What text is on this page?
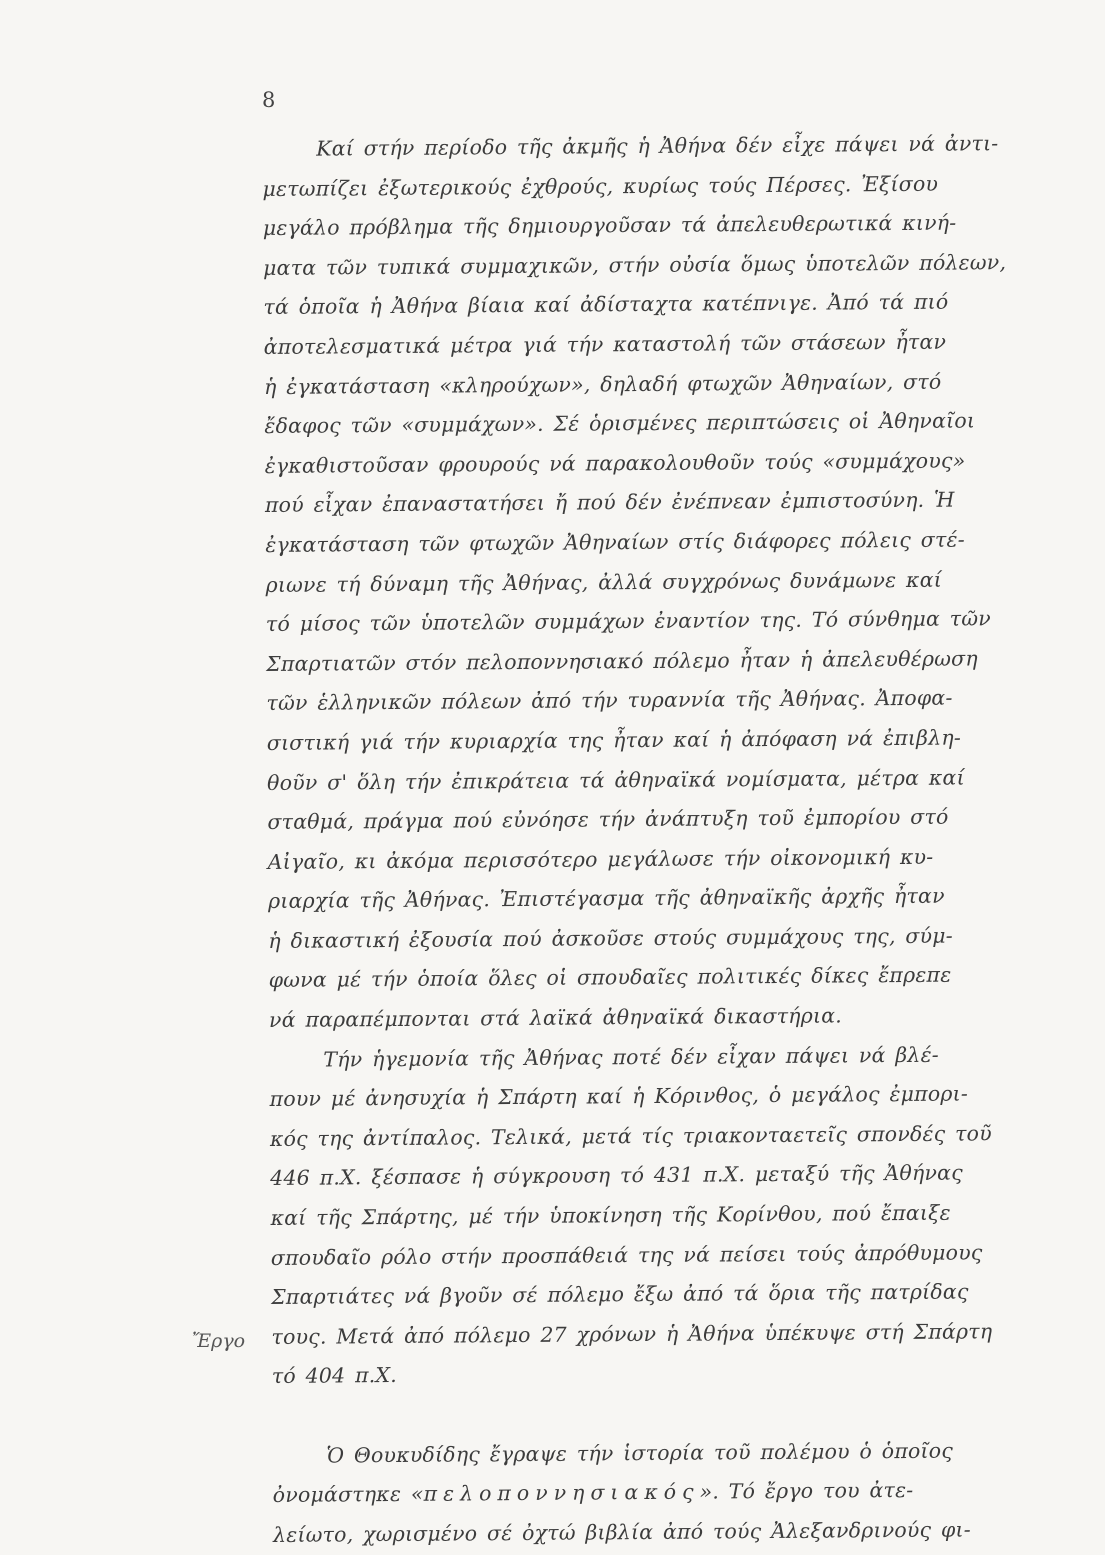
8
Καί στήν περίοδο τῆς ἀκμῆς ἡ Ἀθήνα δέν εἶχε πάψει νά ἀντι-
μετωπίζει ἐξωτερικούς ἐχθρούς, κυρίως τούς Πέρσες. Ἐξίσου
μεγάλο πρόβλημα τῆς δημιουργοῦσαν τά ἀπελευθερωτικά κινή-
ματα τῶν τυπικά συμμαχικῶν, στήν οὐσία ὅμως ὑποτελῶν πόλεων,
τά ὁποῖα ἡ Ἀθήνα βίαια καί ἀδίσταχτα κατέπνιγε. Ἀπό τά πιό
ἀποτελεσματικά μέτρα γιά τήν καταστολή τῶν στάσεων ἦταν
ἡ ἐγκατάσταση «κληρούχων», δηλαδή φτωχῶν Ἀθηναίων, στό
ἔδαφος τῶν «συμμάχων». Σέ ὁρισμένες περιπτώσεις οἱ Ἀθηναῖοι
ἐγκαθιστοῦσαν φρουρούς νά παρακολουθοῦν τούς «συμμάχους»
πού εἶχαν ἐπαναστατήσει ἤ πού δέν ἐνέπνεαν ἐμπιστοσύνη. Ἡ
ἐγκατάσταση τῶν φτωχῶν Ἀθηναίων στίς διάφορες πόλεις στέ-
ριωνε τή δύναμη τῆς Ἀθήνας, ἀλλά συγχρόνως δυνάμωνε καί
τό μίσος τῶν ὑποτελῶν συμμάχων ἐναντίον της. Τό σύνθημα τῶν
Σπαρτιατῶν στόν πελοποννησιακό πόλεμο ἦταν ἡ ἀπελευθέρωση
τῶν ἑλληνικῶν πόλεων ἀπό τήν τυραννία τῆς Ἀθήνας. Ἀποφα-
σιστική γιά τήν κυριαρχία της ἦταν καί ἡ ἀπόφαση νά ἐπιβλη-
θοῦν σ' ὅλη τήν ἐπικράτεια τά ἀθηναϊκά νομίσματα, μέτρα καί
σταθμά, πράγμα πού εὐνόησε τήν ἀνάπτυξη τοῦ ἐμπορίου στό
Αἰγαῖο, κι ἀκόμα περισσότερο μεγάλωσε τήν οἰκονομική κυ-
ριαρχία τῆς Ἀθήνας. Ἐπιστέγασμα τῆς ἀθηναϊκῆς ἀρχῆς ἦταν
ἡ δικαστική ἐξουσία πού ἀσκοῦσε στούς συμμάχους της, σύμ-
φωνα μέ τήν ὁποία ὅλες οἱ σπουδαῖες πολιτικές δίκες ἔπρεπε
νά παραπέμπονται στά λαϊκά ἀθηναϊκά δικαστήρια.
Τήν ἡγεμονία τῆς Ἀθήνας ποτέ δέν εἶχαν πάψει νά βλέ-
πουν μέ ἀνησυχία ἡ Σπάρτη καί ἡ Κόρινθος, ὁ μεγάλος ἐμπορι-
κός της ἀντίπαλος. Τελικά, μετά τίς τριακονταετεῖς σπονδές τοῦ
446 π.Χ. ξέσπασε ἡ σύγκρουση τό 431 π.Χ. μεταξύ τῆς Ἀθήνας
καί τῆς Σπάρτης, μέ τήν ὑποκίνηση τῆς Κορίνθου, πού ἔπαιξε
σπουδαῖο ρόλο στήν προσπάθειά της νά πείσει τούς ἀπρόθυμους
Σπαρτιάτες νά βγοῦν σέ πόλεμο ἔξω ἀπό τά ὅρια τῆς πατρίδας
τους. Μετά ἀπό πόλεμο 27 χρόνων ἡ Ἀθήνα ὑπέκυψε στή Σπάρτη
τό 404 π.Χ.
Ὁ Θουκυδίδης ἔγραψε τήν ἱστορία τοῦ πολέμου ὁ ὁποῖος
ὀνομάστηκε «πελοποννησιακός». Τό ἔργο του ἀτε-
λείωτο, χωρισμένο σέ ὀχτώ βιβλία ἀπό τούς Ἀλεξανδρινούς φι-
Ἔργο
